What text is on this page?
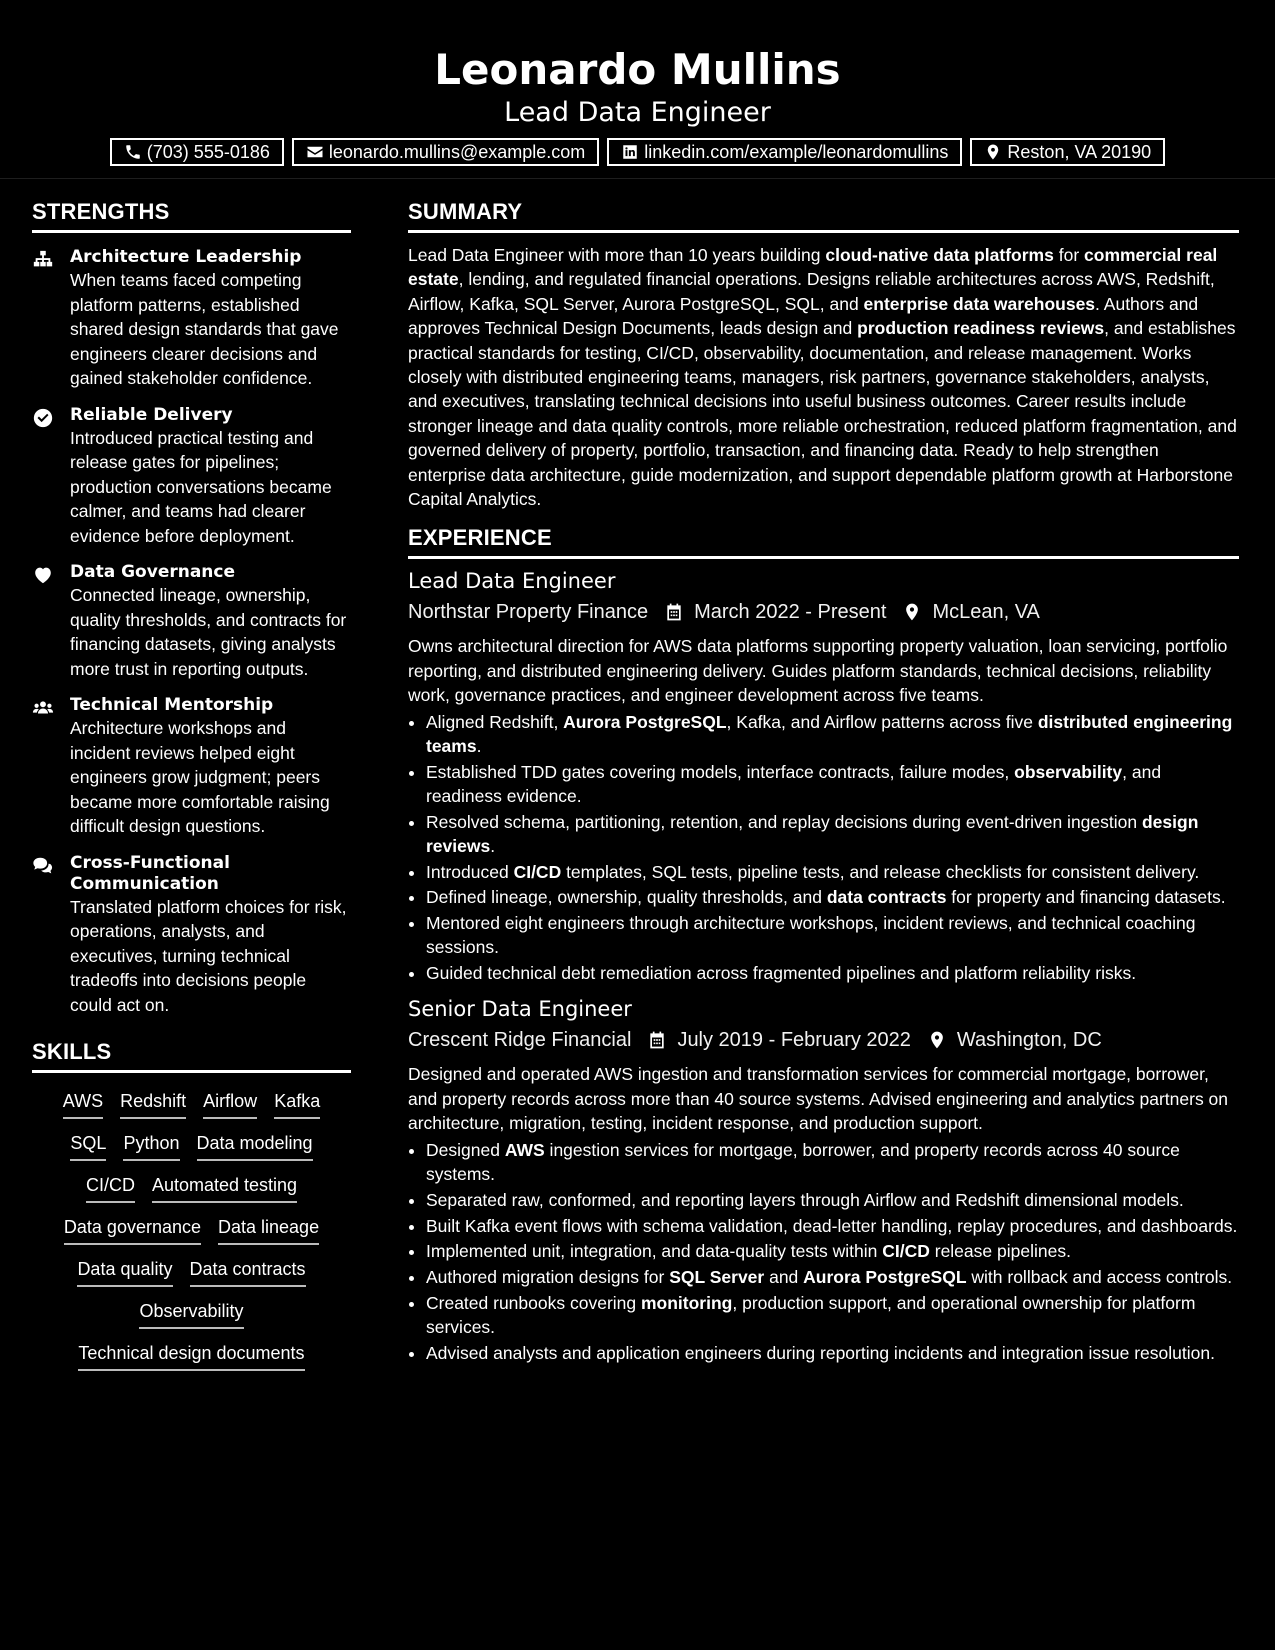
Leonardo Mullins
Lead Data Engineer
(703) 555-0186	leonardo.mullins@example.com	linkedin.com/example/leonardomullins	Reston, VA 20190
STRENGTHS
Architecture Leadership
When teams faced competing platform patterns, established shared design standards that gave engineers clearer decisions and gained stakeholder confidence.
Reliable Delivery
Introduced practical testing and release gates for pipelines; production conversations became calmer, and teams had clearer evidence before deployment.
Data Governance
Connected lineage, ownership, quality thresholds, and contracts for financing datasets, giving analysts more trust in reporting outputs.
Technical Mentorship
Architecture workshops and incident reviews helped eight engineers grow judgment; peers became more comfortable raising difficult design questions.
Cross-Functional Communication
Translated platform choices for risk, operations, analysts, and executives, turning technical tradeoffs into decisions people could act on.
SKILLS
AWS Redshift Airflow Kafka
SQL Python Data modeling
CI/CD Automated testing
Data governance Data lineage
Data quality Data contracts
Observability
Technical design documents
SUMMARY
Lead Data Engineer with more than 10 years building cloud-native data platforms for commercial real estate, lending, and regulated financial operations. Designs reliable architectures across AWS, Redshift, Airflow, Kafka, SQL Server, Aurora PostgreSQL, SQL, and enterprise data warehouses. Authors and approves Technical Design Documents, leads design and production readiness reviews, and establishes practical standards for testing, CI/CD, observability, documentation, and release management. Works closely with distributed engineering teams, managers, risk partners, governance stakeholders, analysts, and executives, translating technical decisions into useful business outcomes. Career results include stronger lineage and data quality controls, more reliable orchestration, reduced platform fragmentation, and governed delivery of property, portfolio, transaction, and financing data. Ready to help strengthen enterprise data architecture, guide modernization, and support dependable platform growth at Harborstone Capital Analytics.
EXPERIENCE
Lead Data Engineer
Northstar Property Finance March 2022 - Present McLean, VA
Owns architectural direction for AWS data platforms supporting property valuation, loan servicing, portfolio reporting, and distributed engineering delivery. Guides platform standards, technical decisions, reliability work, governance practices, and engineer development across five teams.
• Aligned Redshift, Aurora PostgreSQL, Kafka, and Airflow patterns across five distributed engineering teams.
• Established TDD gates covering models, interface contracts, failure modes, observability, and readiness evidence.
• Resolved schema, partitioning, retention, and replay decisions during event-driven ingestion design reviews.
• Introduced CI/CD templates, SQL tests, pipeline tests, and release checklists for consistent delivery.
• Defined lineage, ownership, quality thresholds, and data contracts for property and financing datasets.
• Mentored eight engineers through architecture workshops, incident reviews, and technical coaching sessions.
• Guided technical debt remediation across fragmented pipelines and platform reliability risks.
Senior Data Engineer
Crescent Ridge Financial July 2019 - February 2022 Washington, DC
Designed and operated AWS ingestion and transformation services for commercial mortgage, borrower, and property records across more than 40 source systems. Advised engineering and analytics partners on architecture, migration, testing, incident response, and production support.
• Designed AWS ingestion services for mortgage, borrower, and property records across 40 source systems.
• Separated raw, conformed, and reporting layers through Airflow and Redshift dimensional models.
• Built Kafka event flows with schema validation, dead-letter handling, replay procedures, and dashboards.
• Implemented unit, integration, and data-quality tests within CI/CD release pipelines.
• Authored migration designs for SQL Server and Aurora PostgreSQL with rollback and access controls.
• Created runbooks covering monitoring, production support, and operational ownership for platform services.
• Advised analysts and application engineers during reporting incidents and integration issue resolution.
